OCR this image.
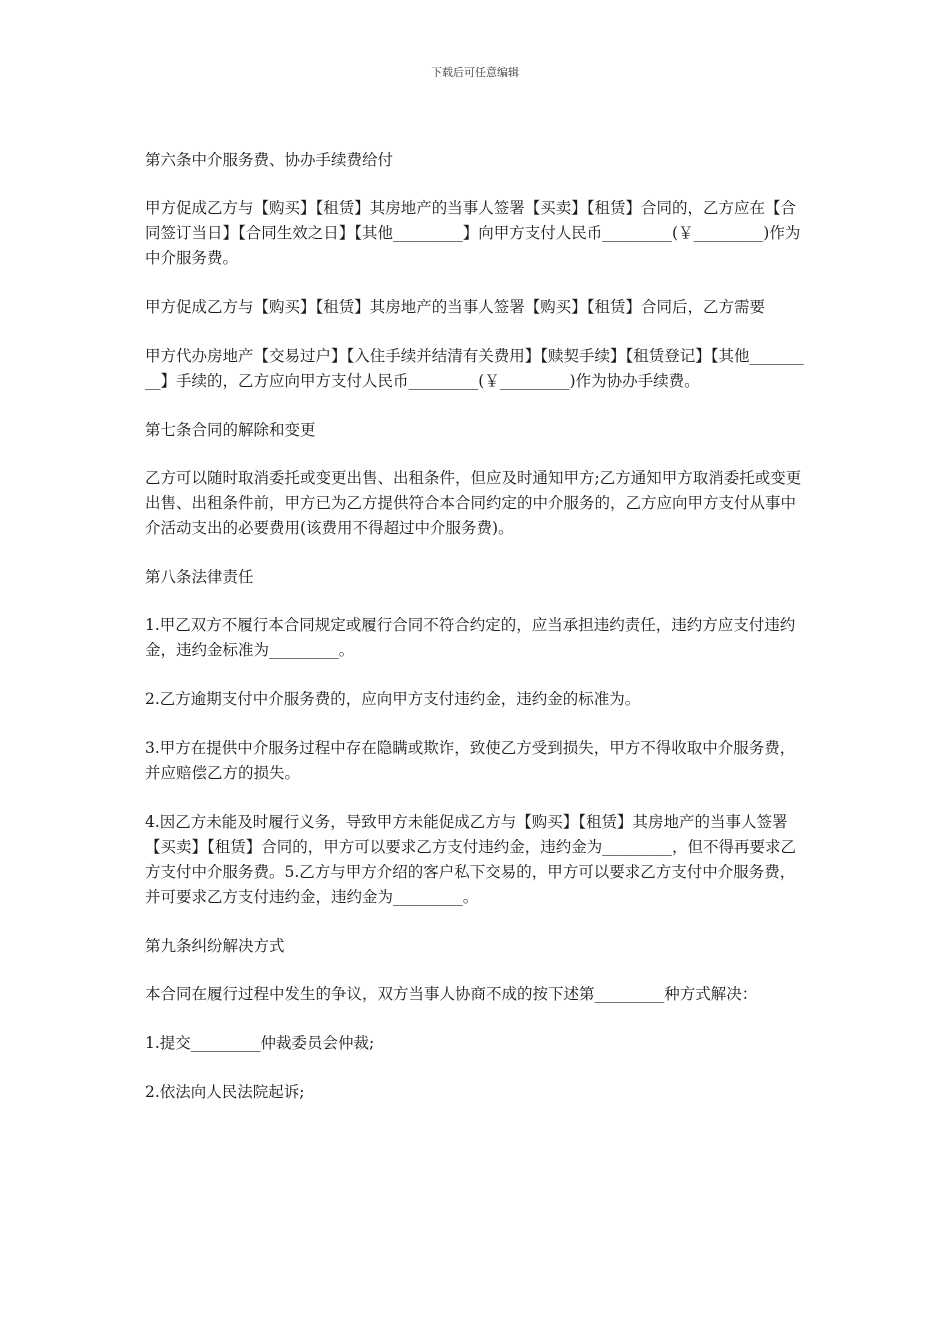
下载后可任意编辑

第六条中介服务费、协办手续费给付

甲方促成乙方与【购买】【租赁】其房地产的当事人签署【买卖】【租赁】合同的，乙方应在【合同签订当日】【合同生效之日】【其他_________】向甲方支付人民币_________(￥_________)作为中介服务费。

甲方促成乙方与【购买】【租赁】其房地产的当事人签署【购买】【租赁】合同后，乙方需要

甲方代办房地产【交易过户】【入住手续并结清有关费用】【赎契手续】【租赁登记】【其他_________】手续的，乙方应向甲方支付人民币_________(￥_________)作为协办手续费。

第七条合同的解除和变更

乙方可以随时取消委托或变更出售、出租条件，但应及时通知甲方;乙方通知甲方取消委托或变更出售、出租条件前，甲方已为乙方提供符合本合同约定的中介服务的，乙方应向甲方支付从事中介活动支出的必要费用(该费用不得超过中介服务费)。

第八条法律责任

1.甲乙双方不履行本合同规定或履行合同不符合约定的，应当承担违约责任，违约方应支付违约金，违约金标准为_________。

2.乙方逾期支付中介服务费的，应向甲方支付违约金，违约金的标准为。

3.甲方在提供中介服务过程中存在隐瞒或欺诈，致使乙方受到损失，甲方不得收取中介服务费，并应赔偿乙方的损失。

4.因乙方未能及时履行义务，导致甲方未能促成乙方与【购买】【租赁】其房地产的当事人签署【买卖】【租赁】合同的，甲方可以要求乙方支付违约金，违约金为_________，但不得再要求乙方支付中介服务费。5.乙方与甲方介绍的客户私下交易的，甲方可以要求乙方支付中介服务费，并可要求乙方支付违约金，违约金为_________。

第九条纠纷解决方式

本合同在履行过程中发生的争议，双方当事人协商不成的按下述第_________种方式解决：

1.提交_________仲裁委员会仲裁;

2.依法向人民法院起诉;
